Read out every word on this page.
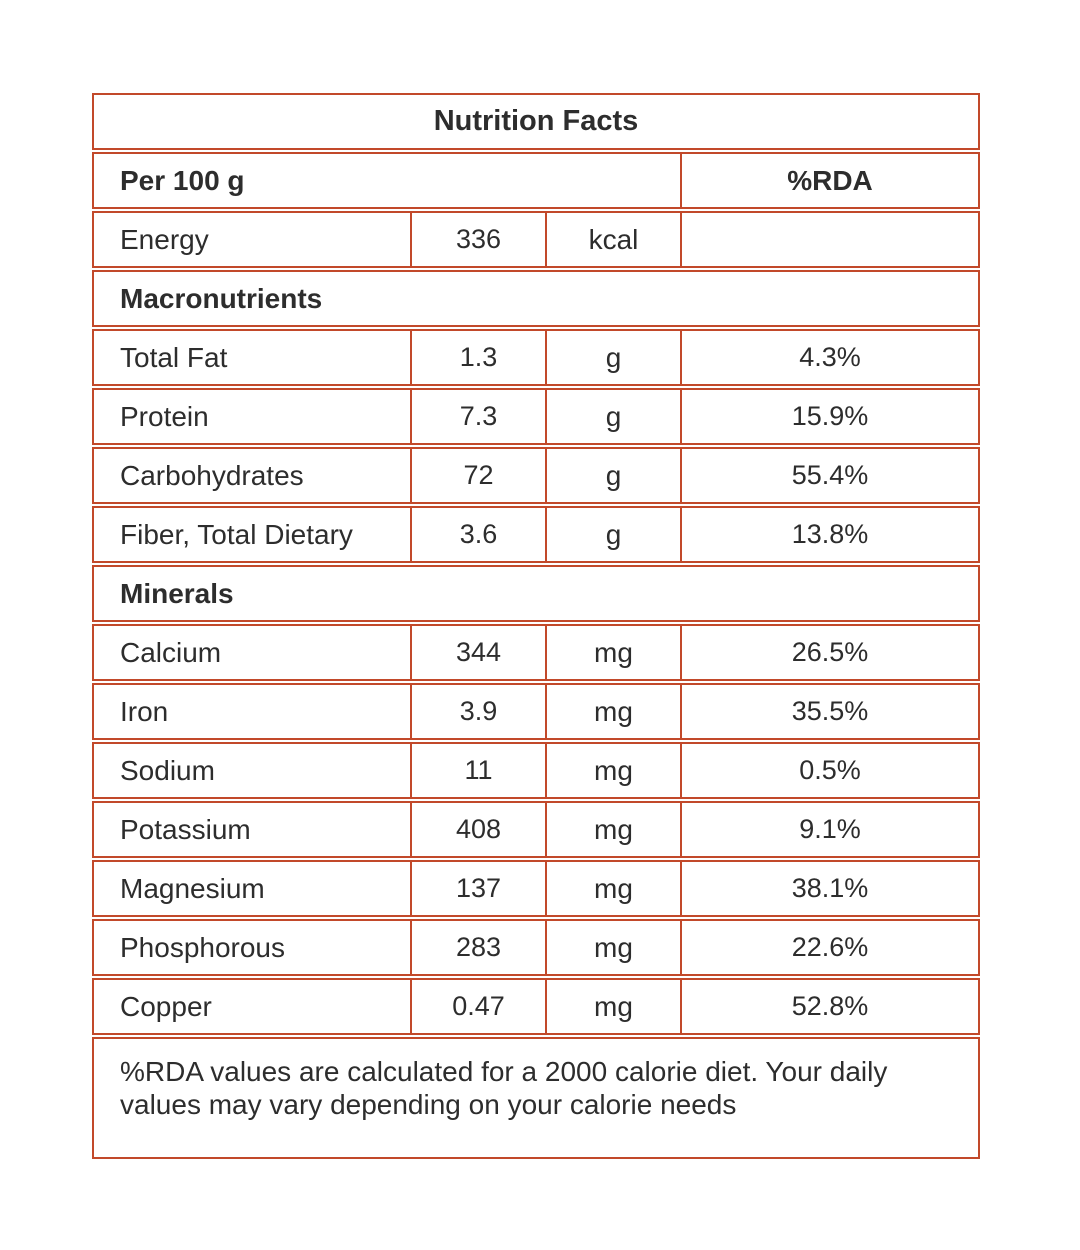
Nutrition Facts
Per 100 g	%RDA
Energy	336	kcal
Macronutrients
Total Fat	1.3	g	4.3%
Protein	7.3	g	15.9%
Carbohydrates	72	g	55.4%
Fiber, Total Dietary	3.6	g	13.8%
Minerals
Calcium	344	mg	26.5%
Iron	3.9	mg	35.5%
Sodium	11	mg	0.5%
Potassium	408	mg	9.1%
Magnesium	137	mg	38.1%
Phosphorous	283	mg	22.6%
Copper	0.47	mg	52.8%
%RDA values are calculated for a 2000 calorie diet. Your daily values may vary depending on your calorie needs
